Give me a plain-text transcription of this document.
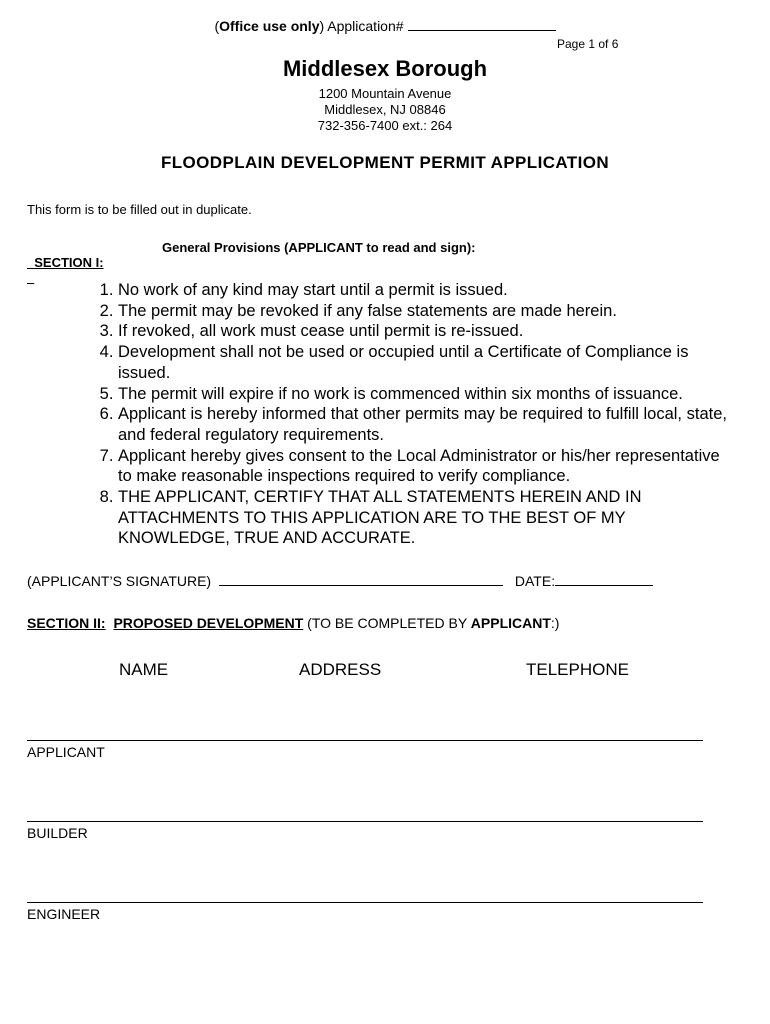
(Office use only) Application#
Page 1 of 6
Middlesex Borough
1200 Mountain Avenue
Middlesex, NJ 08846
732-356-7400 ext.: 264
FLOODPLAIN DEVELOPMENT PERMIT APPLICATION
This form is to be filled out in duplicate.

SECTION I:

General Provisions (APPLICANT to read and sign):

1. No work of any kind may start until a permit is issued.
2. The permit may be revoked if any false statements are made herein.
3. If revoked, all work must cease until permit is re-issued.
4. Development shall not be used or occupied until a Certificate of Compliance is issued.
5. The permit will expire if no work is commenced within six months of issuance.
6. Applicant is hereby informed that other permits may be required to fulfill local, state, and federal regulatory requirements.
7. Applicant hereby gives consent to the Local Administrator or his/her representative to make reasonable inspections required to verify compliance.
8. THE APPLICANT, CERTIFY THAT ALL STATEMENTS HEREIN AND IN ATTACHMENTS TO THIS APPLICATION ARE TO THE BEST OF MY KNOWLEDGE, TRUE AND ACCURATE.
(APPLICANT’S SIGNATURE)	DATE:
SECTION II: PROPOSED DEVELOPMENT (TO BE COMPLETED BY APPLICANT:)
NAME	ADDRESS	TELEPHONE
APPLICANT
BUILDER
ENGINEER
